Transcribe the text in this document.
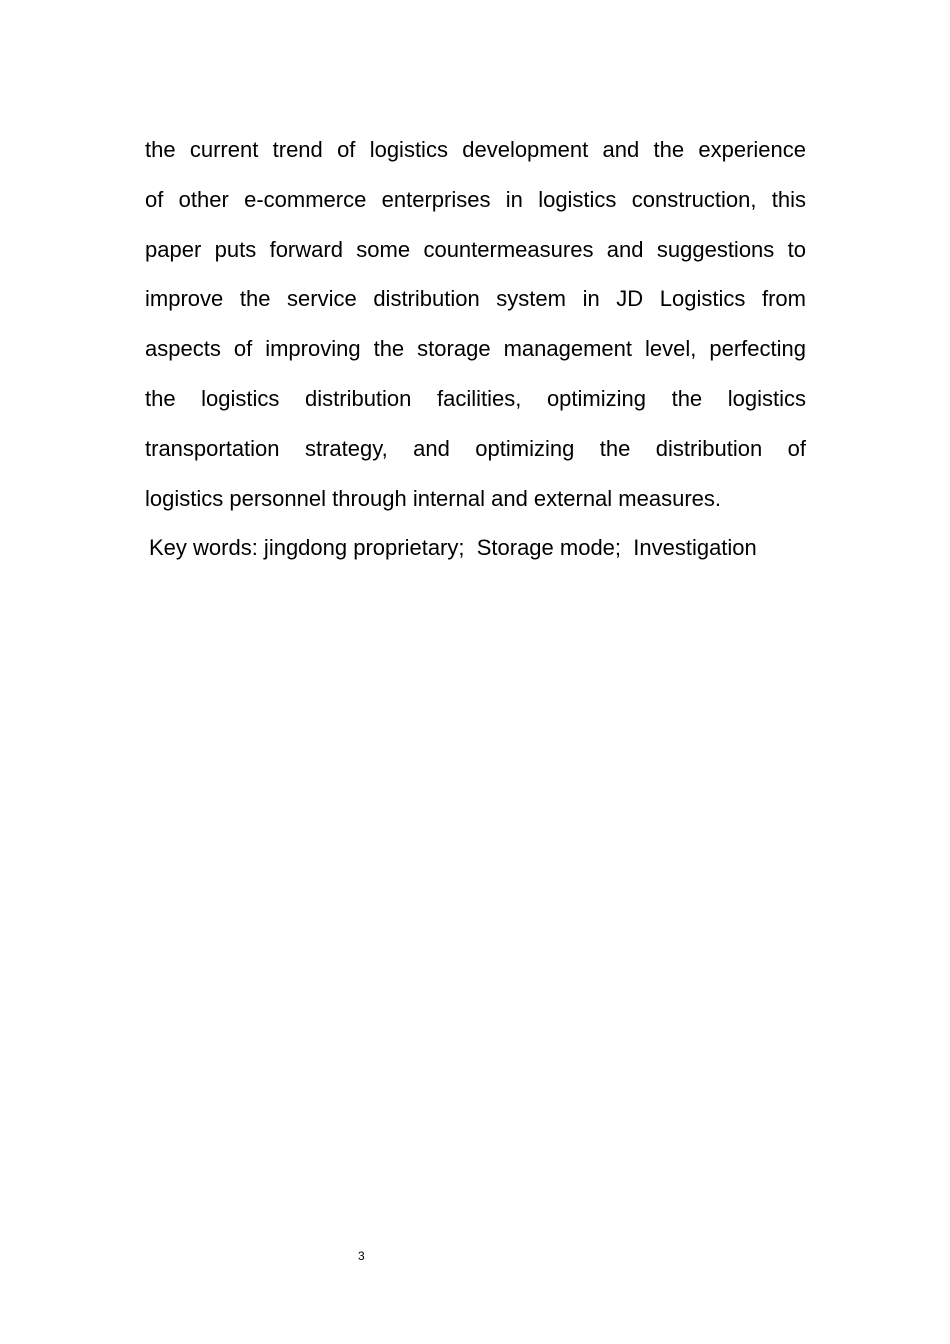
the current trend of logistics development and the experience
of other e-commerce enterprises in logistics construction, this
paper puts forward some countermeasures and suggestions to
improve the service distribution system in JD Logistics from
aspects of improving the storage management level, perfecting
the logistics distribution facilities, optimizing the logistics
transportation strategy, and optimizing the distribution of
logistics personnel through internal and external measures.

Key words: jingdong proprietary;  Storage mode;  Investigation

3
